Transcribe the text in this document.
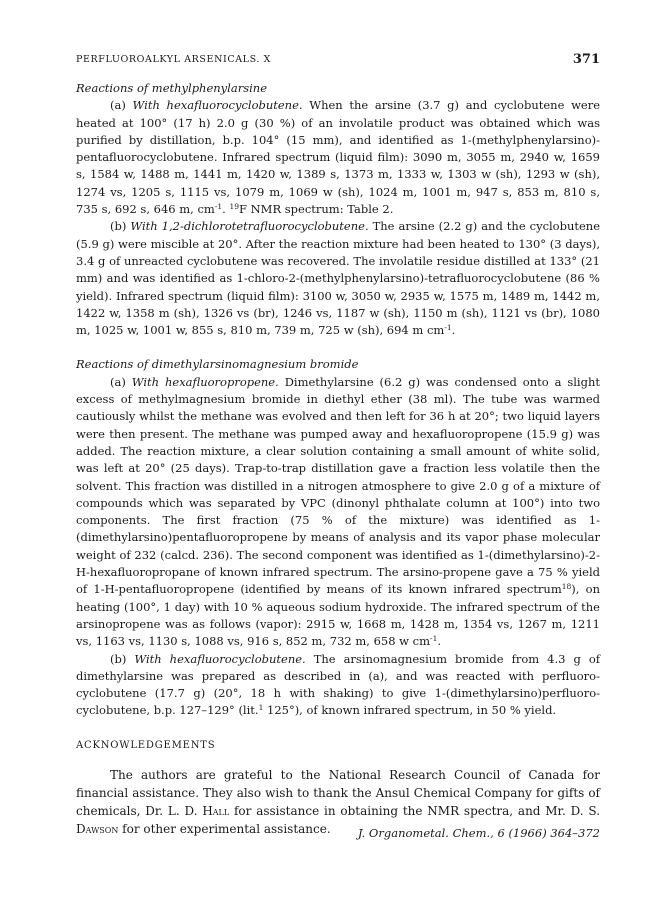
PERFLUOROALKYL ARSENICALS. X	371

Reactions of methylphenylarsine

(a) With hexafluorocyclobutene. When the arsine (3.7 g) and cyclobutene were heated at 100° (17 h) 2.0 g (30 %) of an involatile product was obtained which was purified by distillation, b.p. 104° (15 mm), and identified as 1-(methylphenylarsino)-pentafluorocyclobutene. Infrared spectrum (liquid film): 3090 m, 3055 m, 2940 w, 1659 s, 1584 w, 1488 m, 1441 m, 1420 w, 1389 s, 1373 m, 1333 w, 1303 w (sh), 1293 w (sh), 1274 vs, 1205 s, 1115 vs, 1079 m, 1069 w (sh), 1024 m, 1001 m, 947 s, 853 m, 810 s, 735 s, 692 s, 646 m, $cm^{-1}$. $^{19}$F NMR spectrum: Table 2.

(b) With 1,2-dichlorotetrafluorocyclobutene. The arsine (2.2 g) and the cyclobutene (5.9 g) were miscible at 20°. After the reaction mixture had been heated to 130° (3 days), 3.4 g of unreacted cyclobutene was recovered. The involatile residue distilled at 133° (21 mm) and was identified as 1-chloro-2-(methylphenylarsino)-tetrafluorocyclobutene (86 % yield). Infrared spectrum (liquid film): 3100 w, 3050 w, 2935 w, 1575 m, 1489 m, 1442 m, 1422 w, 1358 m (sh), 1326 vs (br), 1246 vs, 1187 w (sh), 1150 m (sh), 1121 vs (br), 1080 m, 1025 w, 1001 w, 855 s, 810 m, 739 m, 725 w (sh), 694 m $cm^{-1}$.

Reactions of dimethylarsinomagnesium bromide

(a) With hexafluoropropene. Dimethylarsine (6.2 g) was condensed onto a slight excess of methylmagnesium bromide in diethyl ether (38 ml). The tube was warmed cautiously whilst the methane was evolved and then left for 36 h at 20°; two liquid layers were then present. The methane was pumped away and hexafluoropropene (15.9 g) was added. The reaction mixture, a clear solution containing a small amount of white solid, was left at 20° (25 days). Trap-to-trap distillation gave a fraction less volatile then the solvent. This fraction was distilled in a nitrogen atmosphere to give 2.0 g of a mixture of compounds which was separated by VPC (dinonyl phthalate column at 100°) into two components. The first fraction (75 % of the mixture) was identified as 1-(dimethylarsino)pentafluoropropene by means of analysis and its vapor phase molecular weight of 232 (calcd. 236). The second component was identified as 1-(dimethylarsino)-2-H-hexafluoropropane of known infrared spectrum. The arsino-propene gave a 75 % yield of 1-H-pentafluoropropene (identified by means of its known infrared spectrum$^{18}$), on heating (100°, 1 day) with 10 % aqueous sodium hydroxide. The infrared spectrum of the arsinopropene was as follows (vapor): 2915 w, 1668 m, 1428 m, 1354 vs, 1267 m, 1211 vs, 1163 vs, 1130 s, 1088 vs, 916 s, 852 m, 732 m, 658 w $cm^{-1}$.

(b) With hexafluorocyclobutene. The arsinomagnesium bromide from 4.3 g of dimethylarsine was prepared as described in (a), and was reacted with perfluoro-cyclobutene (17.7 g) (20°, 18 h with shaking) to give 1-(dimethylarsino)perfluoro-cyclobutene, b.p. 127–129° (lit.$^1$ 125°), of known infrared spectrum, in 50 % yield.

ACKNOWLEDGEMENTS

The authors are grateful to the National Research Council of Canada for financial assistance. They also wish to thank the Ansul Chemical Company for gifts of chemicals, Dr. L. D. Hall for assistance in obtaining the NMR spectra, and Mr. D. S. Dawson for other experimental assistance.	J. Organometal. Chem., 6 (1966) 364–372
